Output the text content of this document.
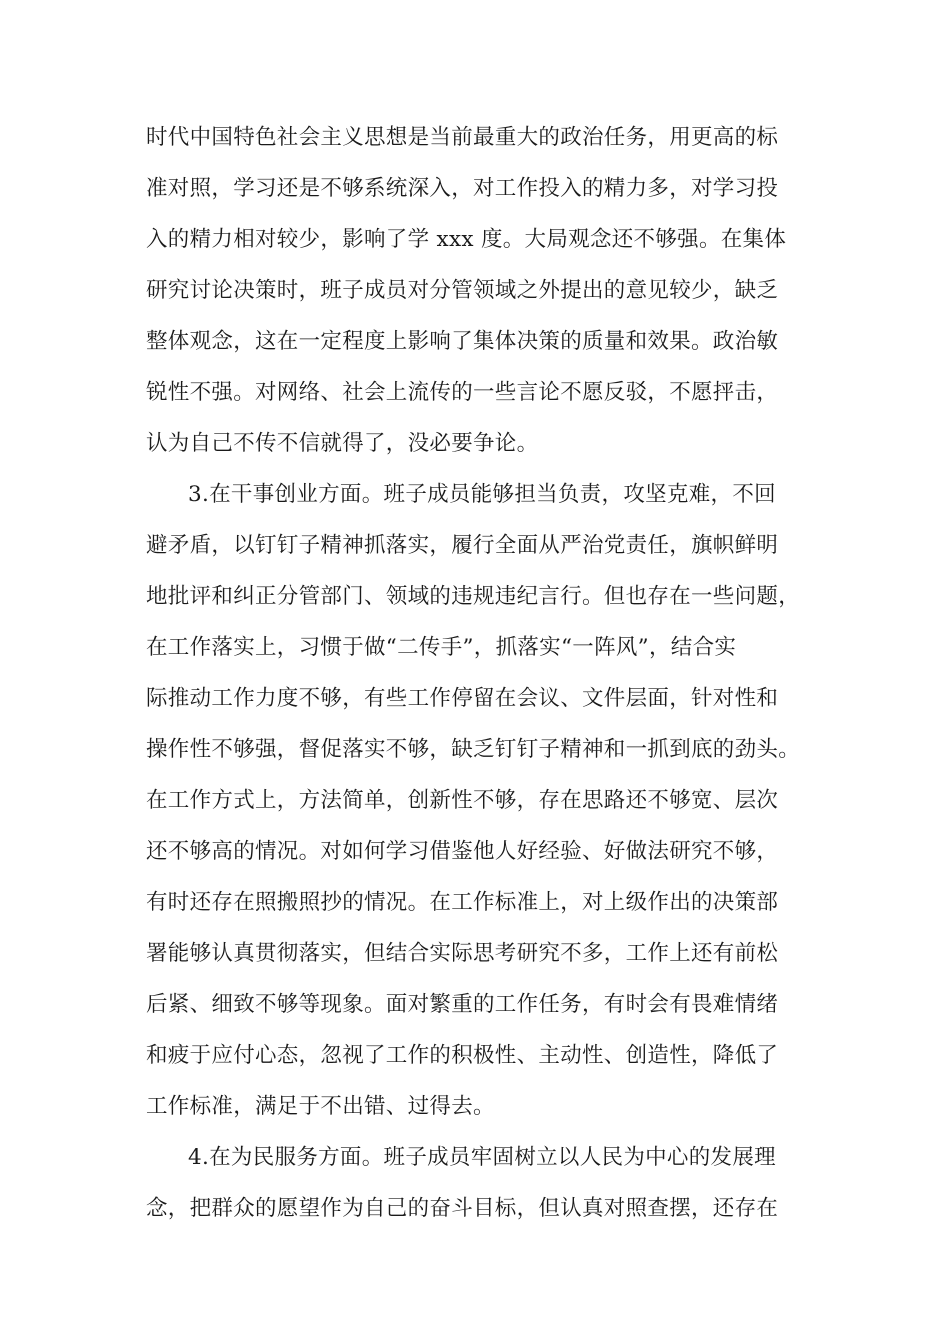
时代中国特色社会主义思想是当前最重大的政治任务，用更高的标
准对照，学习还是不够系统深入，对工作投入的精力多，对学习投
入的精力相对较少，影响了学 xxx 度。大局观念还不够强。在集体
研究讨论决策时，班子成员对分管领域之外提出的意见较少，缺乏
整体观念，这在一定程度上影响了集体决策的质量和效果。政治敏
锐性不强。对网络、社会上流传的一些言论不愿反驳，不愿抨击，
认为自己不传不信就得了，没必要争论。
3.在干事创业方面。班子成员能够担当负责，攻坚克难，不回
避矛盾，以钉钉子精神抓落实，履行全面从严治党责任，旗帜鲜明
地批评和纠正分管部门、领域的违规违纪言行。但也存在一些问题，
在工作落实上，习惯于做“二传手”，抓落实“一阵风”，结合实
际推动工作力度不够，有些工作停留在会议、文件层面，针对性和
操作性不够强，督促落实不够，缺乏钉钉子精神和一抓到底的劲头。
在工作方式上，方法简单，创新性不够，存在思路还不够宽、层次
还不够高的情况。对如何学习借鉴他人好经验、好做法研究不够，
有时还存在照搬照抄的情况。在工作标准上，对上级作出的决策部
署能够认真贯彻落实，但结合实际思考研究不多，工作上还有前松
后紧、细致不够等现象。面对繁重的工作任务，有时会有畏难情绪
和疲于应付心态，忽视了工作的积极性、主动性、创造性，降低了
工作标准，满足于不出错、过得去。
4.在为民服务方面。班子成员牢固树立以人民为中心的发展理
念，把群众的愿望作为自己的奋斗目标，但认真对照查摆，还存在
